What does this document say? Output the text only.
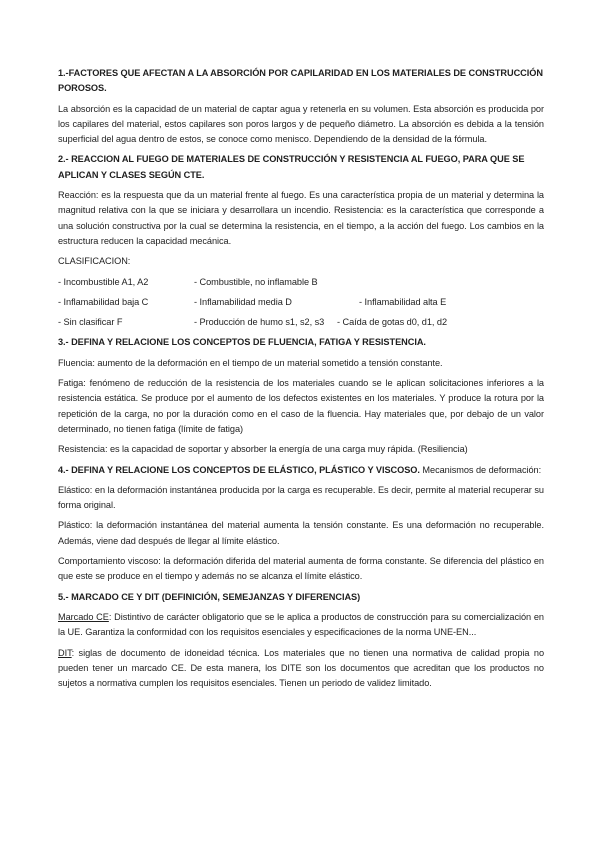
1.-FACTORES QUE AFECTAN A LA ABSORCIÓN POR CAPILARIDAD EN LOS MATERIALES DE CONSTRUCCIÓN POROSOS.
La absorción es la capacidad de un material de captar agua y retenerla en su volumen. Esta absorción es producida por los capilares del material, estos capilares son poros largos y de pequeño diámetro. La absorción es debida a la tensión superficial del agua dentro de estos, se conoce como menisco. Dependiendo de la densidad de la fórmula.
2.- REACCION AL FUEGO DE MATERIALES DE CONSTRUCCIÓN Y RESISTENCIA AL FUEGO, PARA QUE SE APLICAN Y CLASES SEGÚN CTE.
Reacción: es la respuesta que da un material frente al fuego. Es una característica propia de un material y determina la magnitud relativa con la que se iniciara y desarrollara un incendio. Resistencia: es la característica que corresponde a una solución constructiva por la cual se determina la resistencia, en el tiempo, a la acción del fuego. Los cambios en la estructura reducen la capacidad mecánica.
CLASIFICACION:
- Incombustible A1, A2	- Combustible, no inflamable B
- Inflamabilidad baja C	- Inflamabilidad media D	- Inflamabilidad alta E
- Sin clasificar F	- Producción de humo s1, s2, s3	- Caída de gotas d0, d1, d2
3.- DEFINA Y RELACIONE LOS CONCEPTOS DE FLUENCIA, FATIGA Y RESISTENCIA.
Fluencia: aumento de la deformación en el tiempo de un material sometido a tensión constante.
Fatiga: fenómeno de reducción de la resistencia de los materiales cuando se le aplican solicitaciones inferiores a la resistencia estática. Se produce por el aumento de los defectos existentes en los materiales. Y produce la rotura por la repetición de la carga, no por la duración como en el caso de la fluencia. Hay materiales que, por debajo de un valor determinado, no tienen fatiga (límite de fatiga)
Resistencia: es la capacidad de soportar y absorber la energía de una carga muy rápida. (Resiliencia)
4.- DEFINA Y RELACIONE LOS CONCEPTOS DE ELÁSTICO, PLÁSTICO Y VISCOSO. Mecanismos de deformación:
Elástico: en la deformación instantánea producida por la carga es recuperable. Es decir, permite al material recuperar su forma original.
Plástico: la deformación instantánea del material aumenta la tensión constante. Es una deformación no recuperable. Además, viene dad después de llegar al límite elástico.
Comportamiento viscoso: la deformación diferida del material aumenta de forma constante. Se diferencia del plástico en que este se produce en el tiempo y además no se alcanza el límite elástico.
5.- MARCADO CE Y DIT (DEFINICIÓN, SEMEJANZAS Y DIFERENCIAS)
Marcado CE: Distintivo de carácter obligatorio que se le aplica a productos de construcción para su comercialización en la UE. Garantiza la conformidad con los requisitos esenciales y especificaciones de la norma UNE-EN...
DIT: siglas de documento de idoneidad técnica. Los materiales que no tienen una normativa de calidad propia no pueden tener un marcado CE. De esta manera, los DITE son los documentos que acreditan que los productos no sujetos a normativa cumplen los requisitos esenciales. Tienen un periodo de validez limitado.
